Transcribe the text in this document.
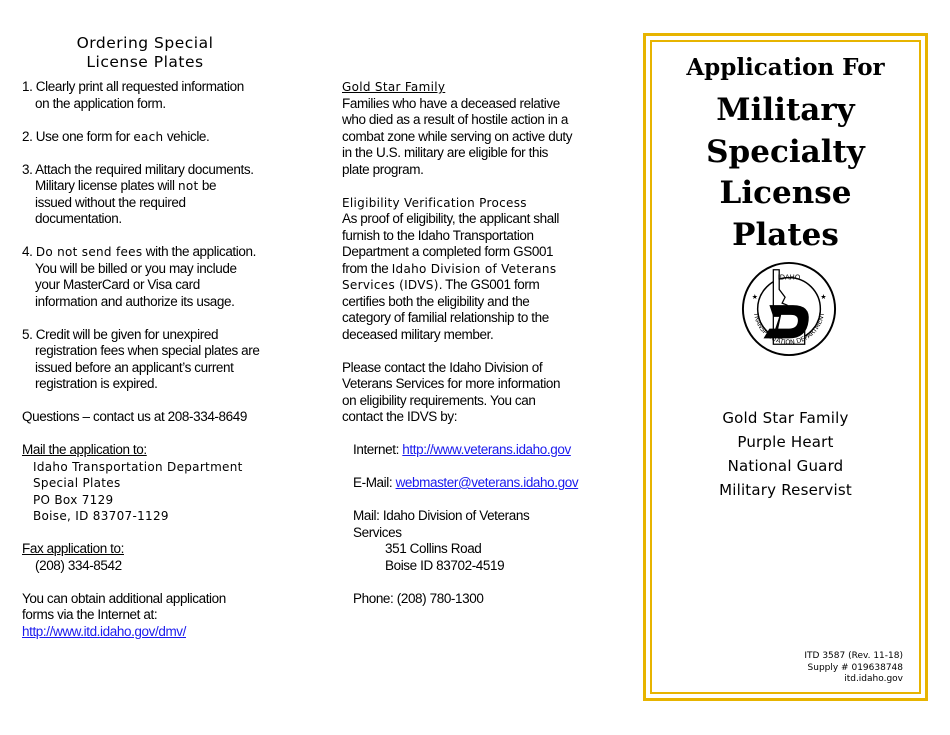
Ordering Special
License Plates

1. Clearly print all requested information

on the application form.

2. Use one form for each vehicle.

3. Attach the required military documents.

Military license plates will not be

issued without the required

documentation.

4. Do not send fees with the application.

You will be billed or you may include

your MasterCard or Visa card

information and authorize its usage.

5. Credit will be given for unexpired

registration fees when special plates are

issued before an applicant’s current

registration is expired.

Questions – contact us at 208-334-8649

Mail the application to:

Idaho Transportation Department

Special Plates

PO Box 7129

Boise, ID 83707-1129

Fax application to:

(208) 334-8542

You can obtain additional application

forms via the Internet at:

http://www.itd.idaho.gov/dmv/

Gold Star Family

Families who have a deceased relative

who died as a result of hostile action in a

combat zone while serving on active duty

in the U.S. military are eligible for this

plate program.

Eligibility Verification Process

As proof of eligibility, the applicant shall

furnish to the Idaho Transportation

Department a completed form GS001

from the Idaho Division of Veterans

Services (IDVS). The GS001 form

certifies both the eligibility and the

category of familial relationship to the

deceased military member.

Please contact the Idaho Division of

Veterans Services for more information

on eligibility requirements. You can

contact the IDVS by:

Internet: http://www.veterans.idaho.gov

E-Mail: webmaster@veterans.idaho.gov

Mail: Idaho Division of Veterans

Services

351 Collins Road

Boise ID 83702-4519

Phone: (208) 780-1300

Application For
Military
Specialty
License
Plates
IDAHO
TRANSPORTATION DEPARTMENT
★	★
Gold Star Family
Purple Heart
National Guard
Military Reservist
ITD 3587 (Rev. 11-18)
Supply # 019638748
itd.idaho.gov
